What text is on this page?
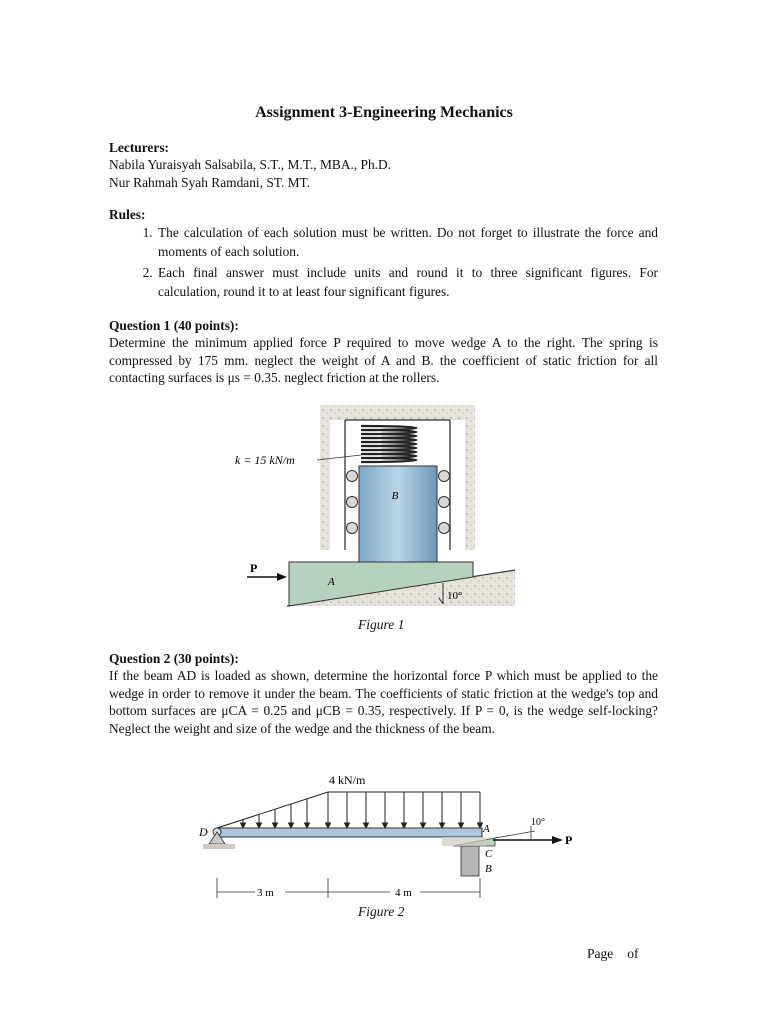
Assignment 3-Engineering Mechanics
Lecturers:
Nabila Yuraisyah Salsabila, S.T., M.T., MBA., Ph.D.
Nur Rahmah Syah Ramdani, ST. MT.
Rules:
1. The calculation of each solution must be written. Do not forget to illustrate the force and moments of each solution.
2. Each final answer must include units and round it to three significant figures. For calculation, round it to at least four significant figures.
Question 1 (40 points):
Determine the minimum applied force P required to move wedge A to the right. The spring is compressed by 175 mm. neglect the weight of A and B. the coefficient of static friction for all contacting surfaces is μs = 0.35. neglect friction at the rollers.
k = 15 kN/m
B
A
P
10°
Figure 1
Question 2 (30 points):
If the beam AD is loaded as shown, determine the horizontal force P which must be applied to the wedge in order to remove it under the beam. The coefficients of static friction at the wedge's top and bottom surfaces are μCA = 0.25 and μCB = 0.35, respectively. If P = 0, is the wedge self-locking? Neglect the weight and size of the wedge and the thickness of the beam.
4 kN/m
D	A
C
B
P
10°
3 m	4 m
Figure 2
Page of
